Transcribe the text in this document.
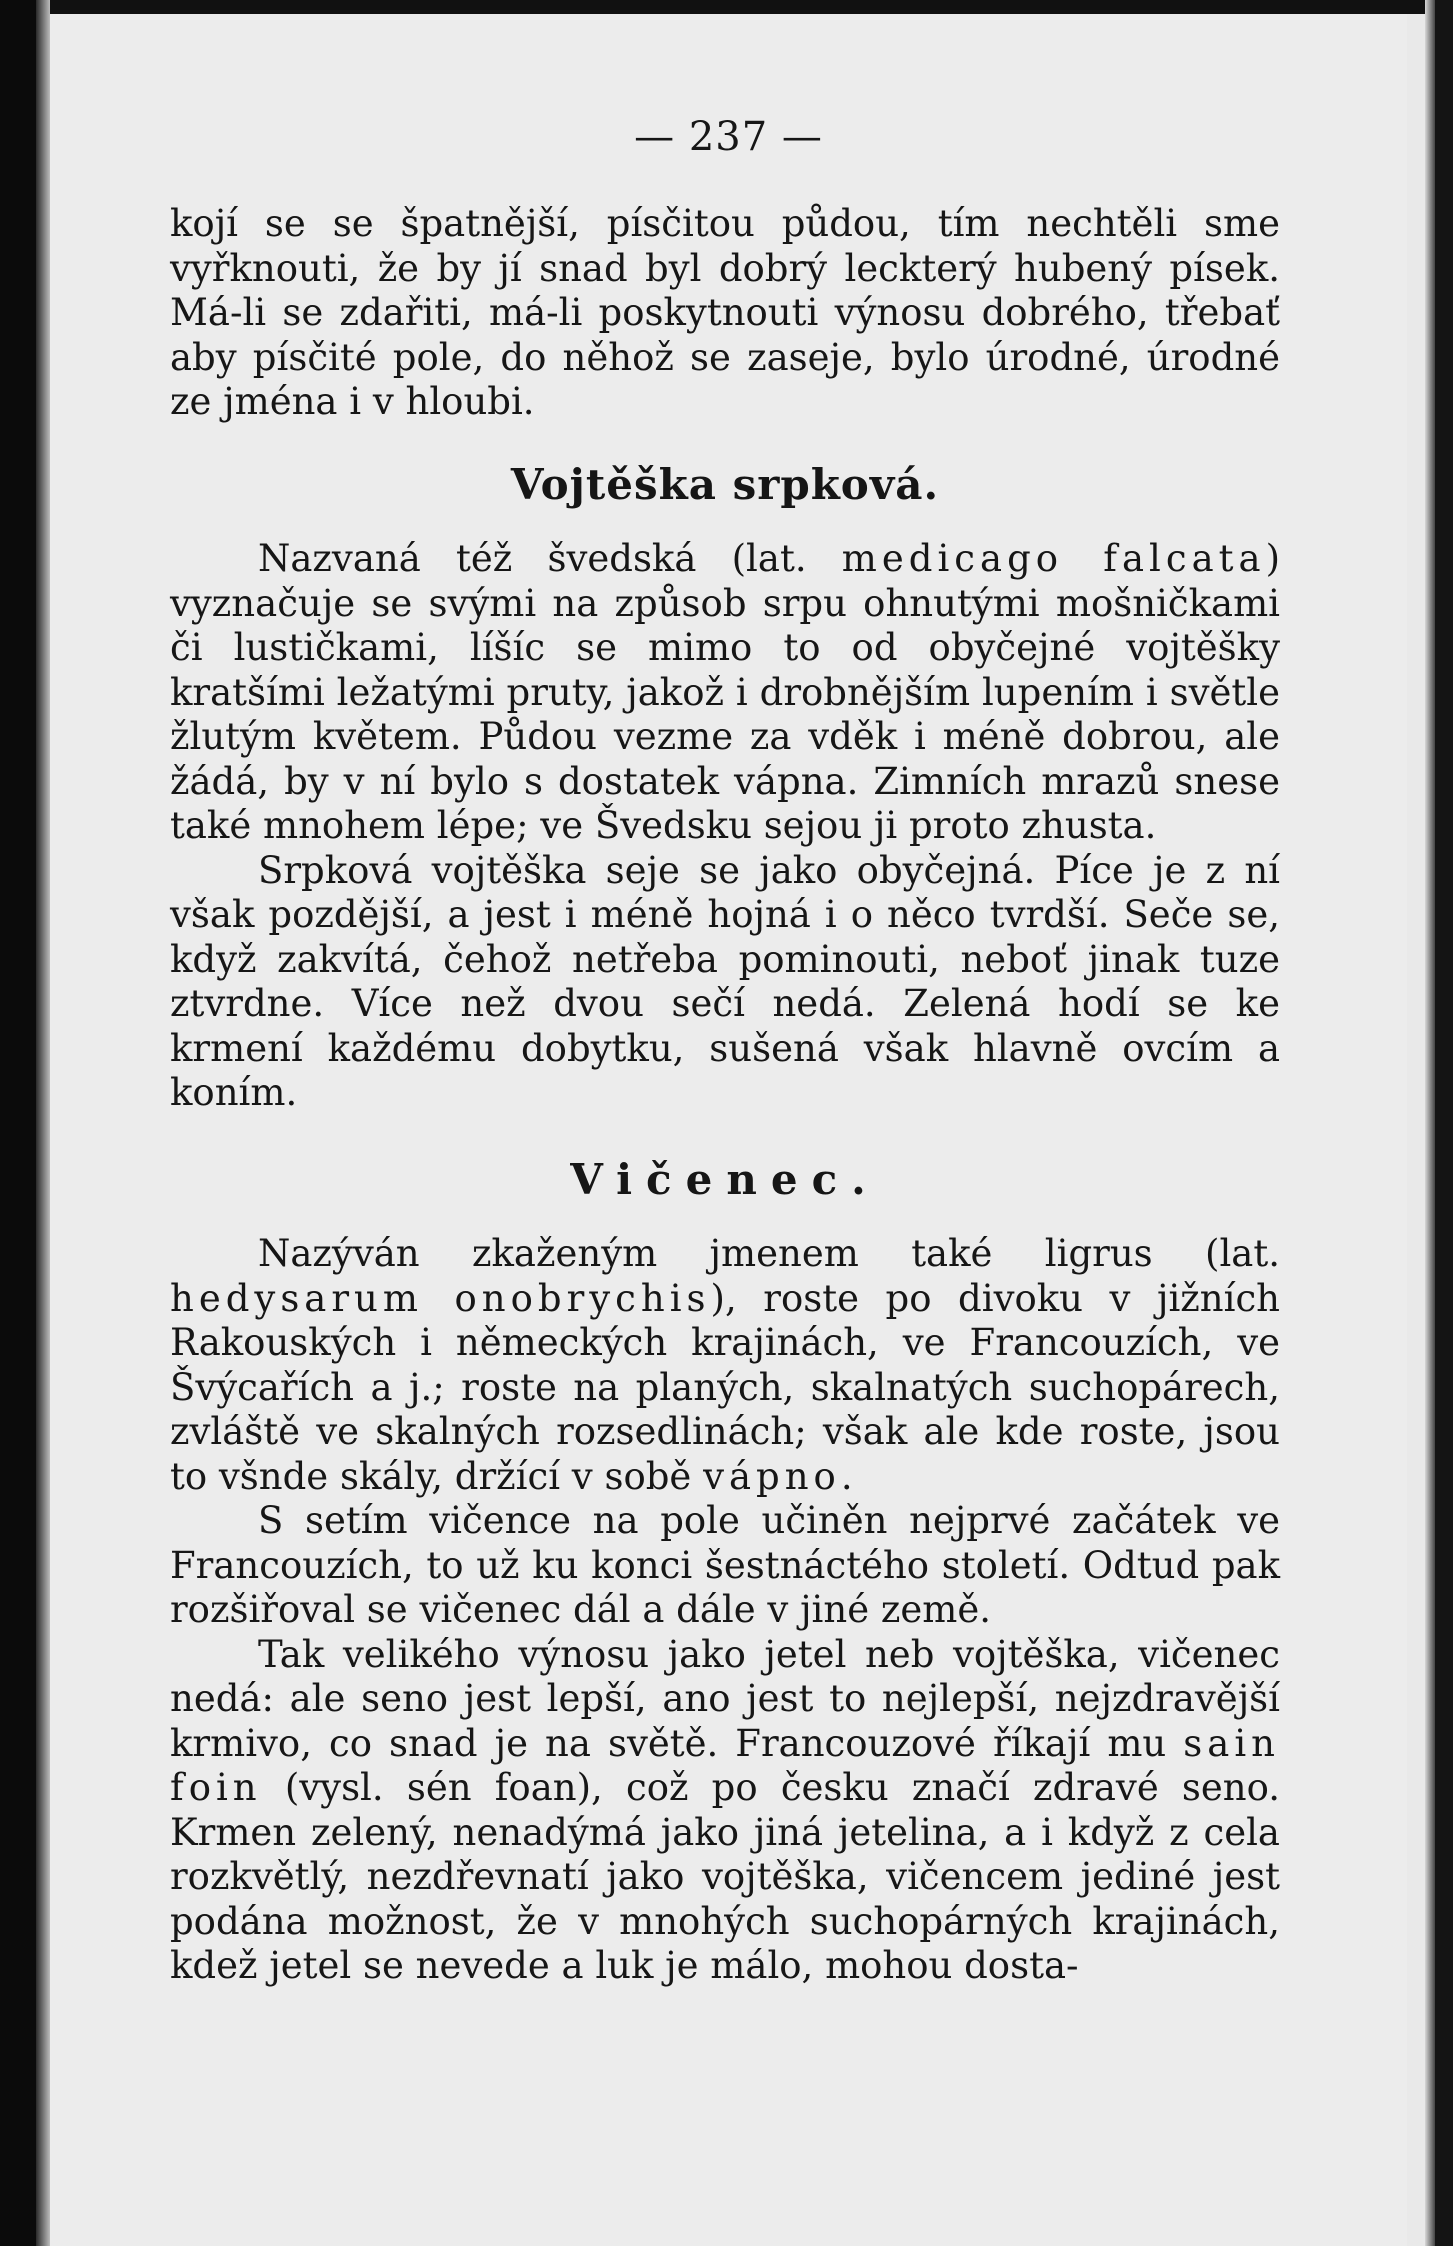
— 237 —

kojí se se špatnější, písčitou půdou, tím nechtěli sme vyřknouti, že by jí snad byl dobrý leckterý hubený písek. Má-li se zdařiti, má-li poskytnouti výnosu dobrého, třebať aby písčité pole, do něhož se zaseje, bylo úrodné, úrodné ze jména i v hloubi.

Vojtěška srpková.

Nazvaná též švedská (lat. medicago falcata) vyznačuje se svými na způsob srpu ohnutými mošničkami či lustičkami, líšíc se mimo to od obyčejné vojtěšky kratšími ležatými pruty, jakož i drobnějším lupením i světle žlutým květem. Půdou vezme za vděk i méně dobrou, ale žádá, by v ní bylo s dostatek vápna. Zimních mrazů snese také mnohem lépe; ve Švedsku sejou ji proto zhusta.

Srpková vojtěška seje se jako obyčejná. Píce je z ní však pozdější, a jest i méně hojná i o něco tvrdší. Seče se, když zakvítá, čehož netřeba pominouti, neboť jinak tuze ztvrdne. Více než dvou sečí nedá. Zelená hodí se ke krmení každému dobytku, sušená však hlavně ovcím a koním.

Vičenec.

Nazýván zkaženým jmenem také ligrus (lat. hedysarum onobrychis), roste po divoku v jižních Rakouských i německých krajinách, ve Francouzích, ve Švýcařích a j.; roste na planých, skalnatých suchopárech, zvláště ve skalných rozsedlinách; však ale kde roste, jsou to všnde skály, držící v sobě vápno.

S setím vičence na pole učiněn nejprvé začátek ve Francouzích, to už ku konci šestnáctého století. Odtud pak rozšiřoval se vičenec dál a dále v jiné země.

Tak velikého výnosu jako jetel neb vojtěška, vičenec nedá: ale seno jest lepší, ano jest to nejlepší, nejzdravější krmivo, co snad je na světě. Francouzové říkají mu sain foin (vysl. sén foan), což po česku značí zdravé seno. Krmen zelený, nenadýmá jako jiná jetelina, a i když z cela rozkvětlý, nezdřevnatí jako vojtěška, vičencem jediné jest podána možnost, že v mnohých suchopárných krajinách, kdež jetel se nevede a luk je málo, mohou dosta-
